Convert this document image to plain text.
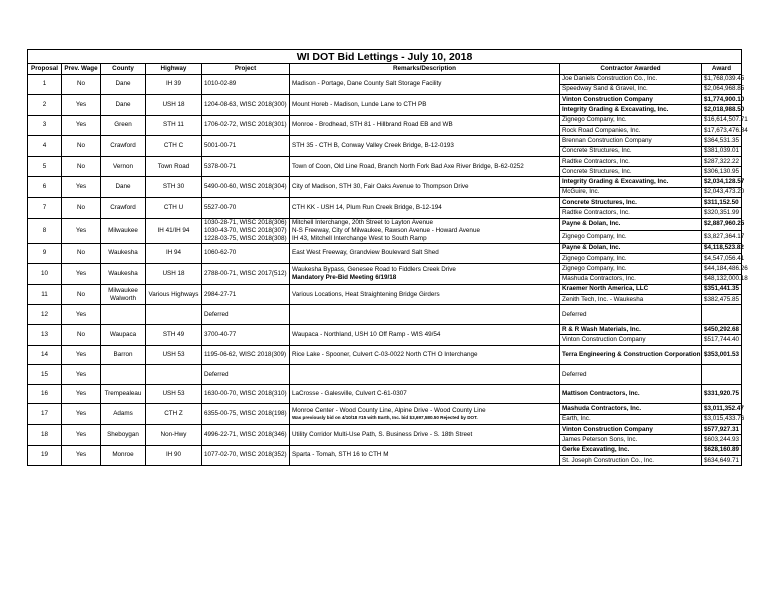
WI DOT Bid Lettings - July 10, 2018							
Proposal	Prev. Wage	County	Highway	Project	Remarks/Description	Contractor Awarded	Award
1	No	Dane	IH 39	1010-02-89	Madison - Portage, Dane County Salt Storage Facility	Joe Daniels Construction Co., Inc.	$1,768,039.45
						Speedway Sand & Gravel, Inc.	$2,064,968.85
2	Yes	Dane	USH 18	1204-08-63, WISC 2018(300)	Mount Horeb - Madison, Lunde Lane to CTH PB	Vinton Construction Company	$1,774,900.10
						Integrity Grading & Excavating, Inc.	$2,018,988.50
3	Yes	Green	STH 11	1706-02-72, WISC 2018(301)	Monroe - Brodhead, STH 81 - Hillbrand Road EB and WB	Zignego Company, Inc.	$16,614,507.71
						Rock Road Companies, Inc.	$17,673,476.84
4	No	Crawford	CTH C	5001-00-71	STH 35 - CTH B, Conway Valley Creek Bridge, B-12-0193	Brennan Construction Company	$364,531.35
						Concrete Structures, Inc.	$381,039.01
5	No	Vernon	Town Road	5378-00-71	Town of Coon, Old Line Road, Branch North Fork Bad Axe River Bridge, B-62-0252	Radtke Contractors, Inc.	$287,322.22
						Concrete Structures, Inc.	$306,130.95
6	Yes	Dane	STH 30	5490-00-60, WISC 2018(304)	City of Madison, STH 30, Fair Oaks Avenue to Thompson Drive	Integrity Grading & Excavating, Inc.	$2,034,128.57
						McGuire, Inc.	$2,043,473.20
7	No	Crawford	CTH U	5527-00-70	CTH KK - USH 14, Plum Run Creek Bridge, B-12-194	Concrete Structures, Inc.	$311,152.50
						Radtke Contractors, Inc.	$320,351.99
8	Yes	Milwaukee	IH 41/IH 94	1030-28-71, WISC 2018(306)
1030-43-70, WISC 2018(307)
1228-03-75, WISC 2018(308)	Mitchell Interchange, 20th Street to Layton Avenue
N-S Freeway, City of Milwaukee, Rawson Avenue - Howard Avenue
IH 43, Mitchell Interchange West to South Ramp	Payne & Dolan, Inc.	$2,887,960.25
						Zignego Company, Inc.	$3,827,364.17
9	No	Waukesha	IH 94	1060-62-70	East West Freeway, Grandview Boulevard Salt Shed	Payne & Dolan, Inc.	$4,118,523.82
						Zignego Company, Inc.	$4,547,056.41
10	Yes	Waukesha	USH 18	2788-00-71, WISC 2017(512)	Waukesha Bypass, Genesee Road to Fiddlers Creek Drive
Mandatory Pre-Bid Meeting 6/19/18	Zignego Company, Inc.	$44,184,486.26
						Mashuda Contractors, Inc.	$48,132,000.18
11	No	Milwaukee
Walworth	Various Highways	2984-27-71	Various Locations, Heat Straightening Bridge Girders	Kraemer North America, LLC	$351,441.35
						Zenith Tech, Inc. - Waukesha	$382,475.85
12	Yes			Deferred		Deferred	
13	No	Waupaca	STH 49	3700-40-77	Waupaca - Northland, USH 10 Off Ramp - WIS 49/54	R & R Wash Materials, Inc.	$450,292.68
						Vinton Construction Company	$517,744.40
14	Yes	Barron	USH 53	1195-06-62, WISC 2018(309)	Rice Lake - Spooner, Culvert C-03-0022 North CTH O Interchange	Terra Engineering & Construction Corporation	$353,001.53
15	Yes			Deferred		Deferred	
16	Yes	Trempealeau	USH 53	1630-00-70, WISC 2018(310)	LaCrosse - Galesville, Culvert C-61-0307	Mattison Contractors, Inc.	$331,920.75
17	Yes	Adams	CTH Z	6355-00-75, WISC 2018(198)	Monroe Center - Wood County Line, Alpine Drive - Wood County Line
Was previously bid on 4/10/18 #15 with Earth, Inc. bid $3,697,580.50 Rejected by DOT.	Mashuda Contractors, Inc.	$3,011,352.47
						Earth, Inc.	$3,015,433.76
18	Yes	Sheboygan	Non-Hwy	4996-22-71, WISC 2018(346)	Utility Corridor Multi-Use Path, S. Business Drive - S. 18th Street	Vinton Construction Company	$577,927.31
						James Peterson Sons, Inc.	$603,244.93
19	Yes	Monroe	IH 90	1077-02-70, WISC 2018(352)	Sparta - Tomah, STH 16 to CTH M	Gerke Excavating, Inc.	$628,160.89
						St. Joseph Construction Co., Inc.	$634,649.71
